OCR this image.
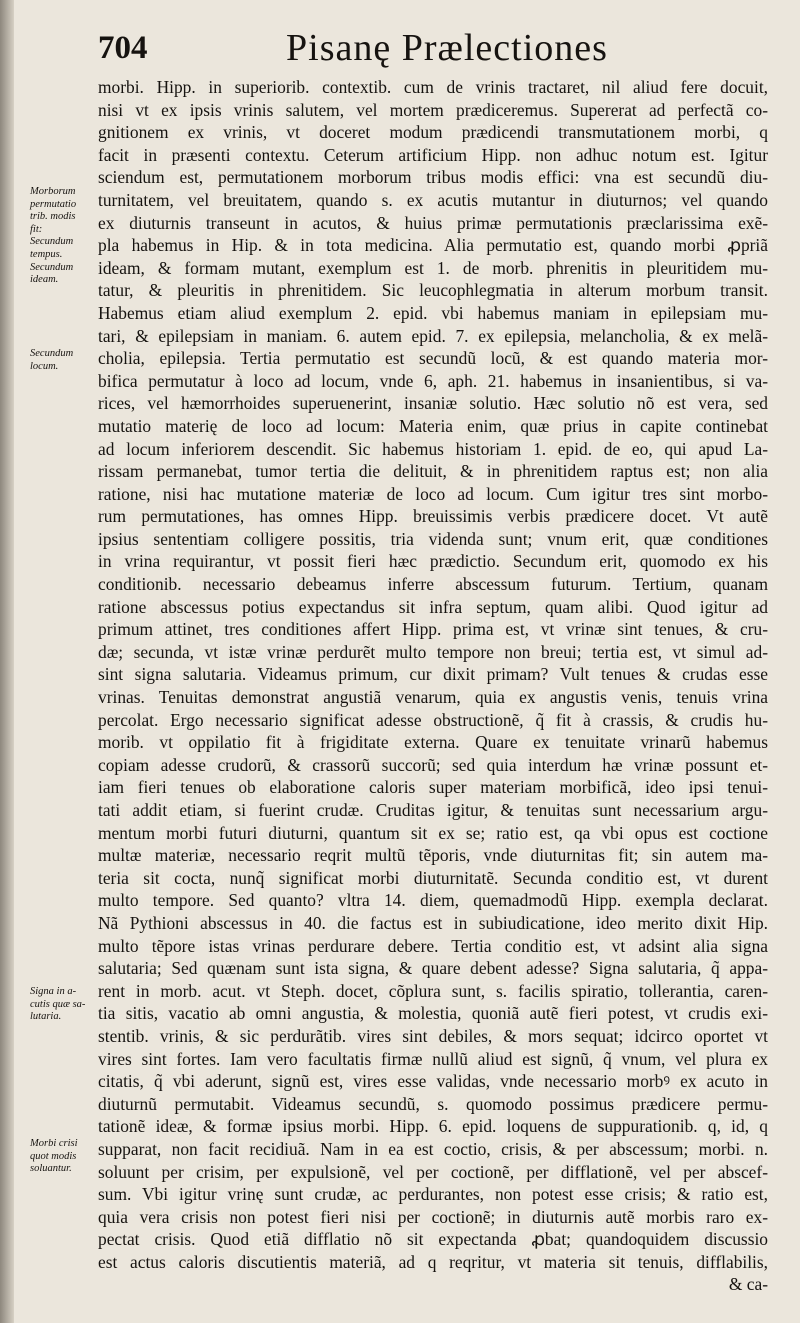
704	Pisanę Prælectiones
morbi. Hipp. in superiorib. contextib. cum de vrinis tractaret, nil aliud fere docuit,
nisi vt ex ipsis vrinis salutem, vel mortem prædiceremus. Supererat ad perfectã co-
gnitionem ex vrinis, vt doceret modum prædicendi transmutationem morbi, q
facit in præsenti contextu. Ceterum artificium Hipp. non adhuc notum est. Igitur
sciendum est, permutationem morborum tribus modis effici: vna est secundũ diu-
turnitatem, vel breuitatem, quando s. ex acutis mutantur in diuturnos; vel quando
ex diuturnis transeunt in acutos, & huius primæ permutationis præclarissima exẽ-
pla habemus in Hip. & in tota medicina. Alia permutatio est, quando morbi ꝓpriã
ideam, & formam mutant, exemplum est 1. de morb. phrenitis in pleuritidem mu-
tatur, & pleuritis in phrenitidem. Sic leucophlegmatia in alterum morbum transit.
Habemus etiam aliud exemplum 2. epid. vbi habemus maniam in epilepsiam mu-
tari, & epilepsiam in maniam. 6. autem epid. 7. ex epilepsia, melancholia, & ex melã-
cholia, epilepsia. Tertia permutatio est secundũ locũ, & est quando materia mor-
bifica permutatur à loco ad locum, vnde 6, aph. 21. habemus in insanientibus, si va-
rices, vel hæmorrhoides superuenerint, insaniæ solutio. Hæc solutio nõ est vera, sed
mutatio materię de loco ad locum: Materia enim, quæ prius in capite continebat
ad locum inferiorem descendit. Sic habemus historiam 1. epid. de eo, qui apud La-
rissam permanebat, tumor tertia die delituit, & in phrenitidem raptus est; non alia
ratione, nisi hac mutatione materiæ de loco ad locum. Cum igitur tres sint morbo-
rum permutationes, has omnes Hipp. breuissimis verbis prædicere docet. Vt autẽ
ipsius sententiam colligere possitis, tria videnda sunt; vnum erit, quæ conditiones
in vrina requirantur, vt possit fieri hæc prædictio. Secundum erit, quomodo ex his
conditionib. necessario debeamus inferre abscessum futurum. Tertium, quanam
ratione abscessus potius expectandus sit infra septum, quam alibi. Quod igitur ad
primum attinet, tres conditiones affert Hipp. prima est, vt vrinæ sint tenues, & cru-
dæ; secunda, vt istæ vrinæ perdurẽt multo tempore non breui; tertia est, vt simul ad-
sint signa salutaria. Videamus primum, cur dixit primam? Vult tenues & crudas esse
vrinas. Tenuitas demonstrat angustiã venarum, quia ex angustis venis, tenuis vrina
percolat. Ergo necessario significat adesse obstructionẽ, q̃ fit à crassis, & crudis hu-
morib. vt oppilatio fit à frigiditate externa. Quare ex tenuitate vrinarũ habemus
copiam adesse crudorũ, & crassorũ succorũ; sed quia interdum hæ vrinæ possunt et-
iam fieri tenues ob elaboratione caloris super materiam morbificã, ideo ipsi tenui-
tati addit etiam, si fuerint crudæ. Cruditas igitur, & tenuitas sunt necessarium argu-
mentum morbi futuri diuturni, quantum sit ex se; ratio est, qa vbi opus est coctione
multæ materiæ, necessario reqrit multũ tẽporis, vnde diuturnitas fit; sin autem ma-
teria sit cocta, nunq̃ significat morbi diuturnitatẽ. Secunda conditio est, vt durent
multo tempore. Sed quanto? vltra 14. diem, quemadmodũ Hipp. exempla declarat.
Nã Pythioni abscessus in 40. die factus est in subiudicatione, ideo merito dixit Hip.
multo tẽpore istas vrinas perdurare debere. Tertia conditio est, vt adsint alia signa
salutaria; Sed quænam sunt ista signa, & quare debent adesse? Signa salutaria, q̃ appa-
rent in morb. acut. vt Steph. docet, cõplura sunt, s. facilis spiratio, tollerantia, caren-
tia sitis, vacatio ab omni angustia, & molestia, quoniã autẽ fieri potest, vt crudis exi-
stentib. vrinis, & sic perdurãtib. vires sint debiles, & mors sequat; idcirco oportet vt
vires sint fortes. Iam vero facultatis firmæ nullũ aliud est signũ, q̃ vnum, vel plura ex
citatis, q̃ vbi aderunt, signũ est, vires esse validas, vnde necessario morbꝰ ex acuto in
diuturnũ permutabit. Videamus secundũ, s. quomodo possimus prædicere permu-
tationẽ ideæ, & formæ ipsius morbi. Hipp. 6. epid. loquens de suppurationib. q, id, q
supparat, non facit recidiuã. Nam in ea est coctio, crisis, & per abscessum; morbi. n.
soluunt per crisim, per expulsionẽ, vel per coctionẽ, per difflationẽ, vel per abscef-
sum. Vbi igitur vrinę sunt crudæ, ac perdurantes, non potest esse crisis; & ratio est,
quia vera crisis non potest fieri nisi per coctionẽ; in diuturnis autẽ morbis raro ex-
pectat crisis. Quod etiã difflatio nõ sit expectanda ꝓbat; quandoquidem discussio
est actus caloris discutientis materiã, ad q reqritur, vt materia sit tenuis, difflabilis,
& ca-
Morborum
permutatio
trib. modis
fit:
Secundum
tempus.
Secundum
ideam.
Secundum
locum.
Signa in a-
cutis quæ sa-
lutaria.
Morbi crisi
quot modis
soluantur.
